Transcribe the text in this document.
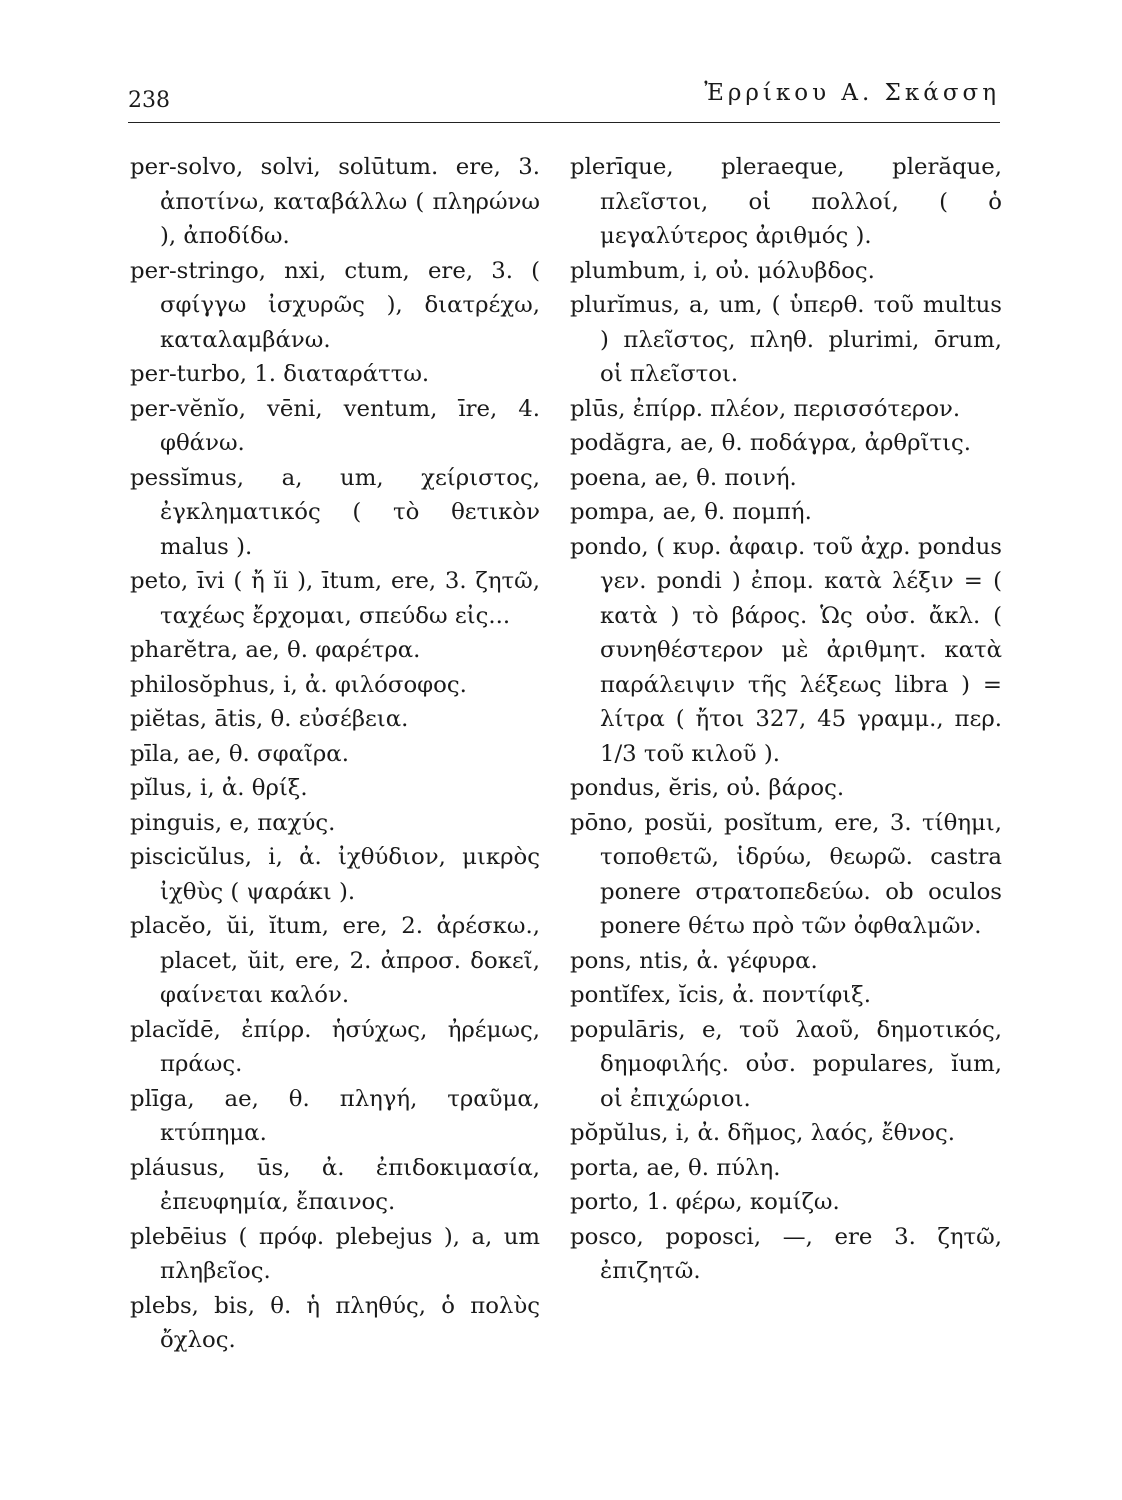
238	Ἐρρίκου Α. Σκάσση

per-solvo, solvi, solūtum. ere, 3. ἀποτίνω, καταβάλλω ( πληρώνω ), ἀποδίδω.

per-stringo, nxi, ctum, ere, 3. ( σφίγγω ἰσχυρῶς ), διατρέχω, καταλαμβάνω.

per-turbo, 1. διαταράττω.

per-vĕnĭo, vēni, ventum, īre, 4. φθάνω.

pessĭmus, a, um, χείριστος, ἐγκληματικός ( τὸ θετικὸν malus ).

peto, īvi ( ἤ ĭi ), ītum, ere, 3. ζητῶ, ταχέως ἔρχομαι, σπεύδω εἰς...

pharĕtra, ae, θ. φαρέτρα.

philosŏphus, i, ἀ. φιλόσοφος.

piĕtas, ātis, θ. εὐσέβεια.

pīla, ae, θ. σφαῖρα.

pĭlus, i, ἀ. θρίξ.

pinguis, e, παχύς.

piscicŭlus, i, ἀ. ἰχθύδιον, μικρὸς ἰχθὺς ( ψαράκι ).

placĕo, ŭi, ĭtum, ere, 2. ἀρέσκω., placet, ŭit, ere, 2. ἀπροσ. δοκεῖ, φαίνεται καλόν.

placĭdē, ἐπίρρ. ἡσύχως, ἠρέμως, πράως.

plīga, ae, θ. πληγή, τραῦμα, κτύπημα.

pláusus, ūs, ἀ. ἐπιδοκιμασία, ἐπευφημία, ἔπαινος.

plebēius ( πρόφ. plebejus ), a, um πληβεῖος.

plebs, bis, θ. ἡ πληθύς, ὁ πολὺς ὄχλος.

plerīque, pleraeque, plerăque, πλεῖστοι, οἱ πολλοί, ( ὁ μεγαλύτερος ἀριθμός ).

plumbum, i, οὐ. μόλυβδος.

plurĭmus, a, um, ( ὑπερθ. τοῦ multus ) πλεῖστος, πληθ. plurimi, ōrum, οἱ πλεῖστοι.

plūs, ἐπίρρ. πλέον, περισσότερον.

podăgra, ae, θ. ποδάγρα, ἀρθρῖτις.

poena, ae, θ. ποινή.

pompa, ae, θ. πομπή.

pondo, ( κυρ. ἀφαιρ. τοῦ ἀχρ. pondus γεν. pondi ) ἐπομ. κατὰ λέξιν = ( κατὰ ) τὸ βάρος. Ὡς οὐσ. ἄκλ. ( συνηθέστερον μὲ ἀριθμητ. κατὰ παράλειψιν τῆς λέξεως libra ) = λίτρα ( ἤτοι 327, 45 γραμμ., περ. 1/3 τοῦ κιλοῦ ).

pondus, ĕris, οὐ. βάρος.

pōno, posŭi, posĭtum, ere, 3. τίθημι, τοποθετῶ, ἱδρύω, θεωρῶ. castra ponere στρατοπεδεύω. ob oculos ponere θέτω πρὸ τῶν ὀφθαλμῶν.

pons, ntis, ἀ. γέφυρα.

pontĭfex, ĭcis, ἀ. ποντίφιξ.

populāris, e, τοῦ λαοῦ, δημοτικός, δημοφιλής. οὐσ. populares, ĭum, οἱ ἐπιχώριοι.

pŏpŭlus, i, ἀ. δῆμος, λαός, ἔθνος.

porta, ae, θ. πύλη.

porto, 1. φέρω, κομίζω.

posco, poposci, —, ere 3. ζητῶ, ἐπιζητῶ.
